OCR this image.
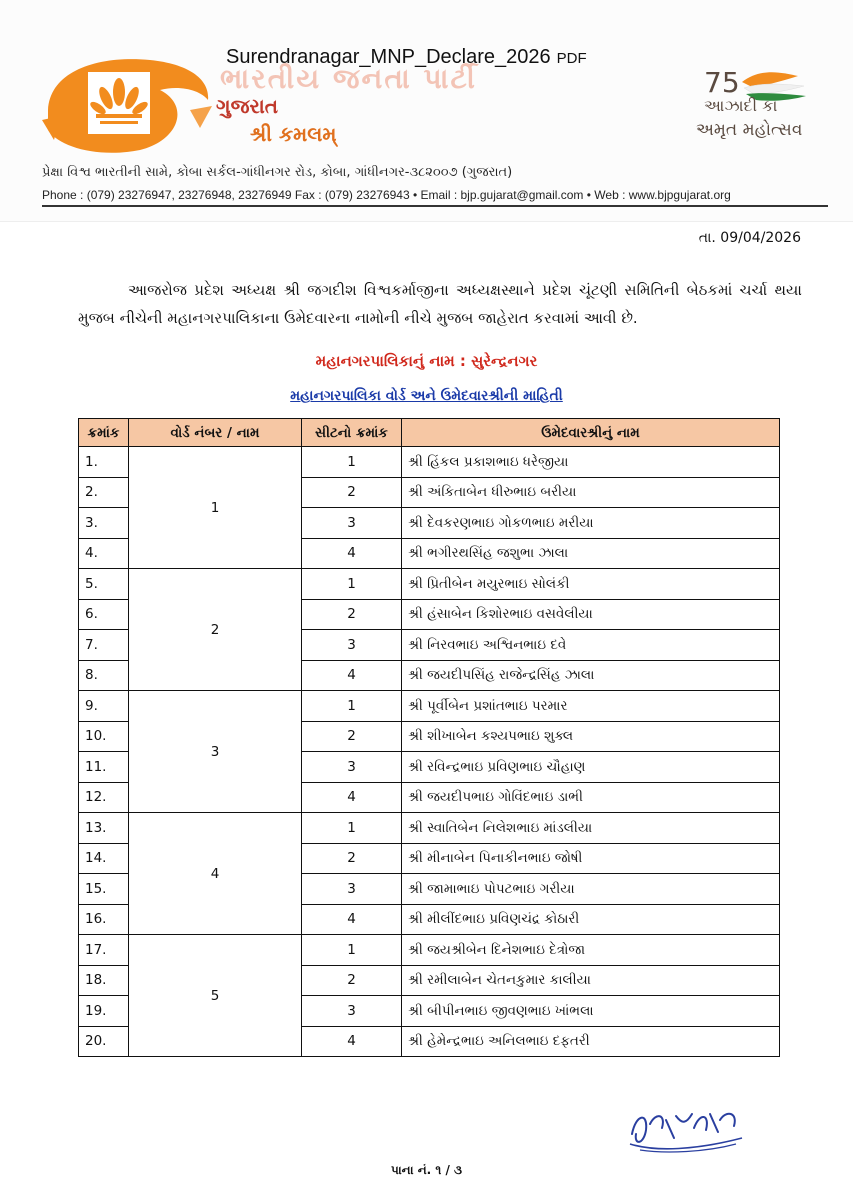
Surendranagar_MNP_Declare_2026 PDF
ભારતીય જનતા પાર્ટી
ગુજરાત
શ્રી કમલમ્
75
આઝાદી કા
અમૃત મહોત્સવ
પ્રેક્ષા વિશ્વ ભારતીની સામે, કોબા સર્કલ-ગાંધીનગર રોડ, કોબા, ગાંધીનગર-૩૮૨૦૦૭ (ગુજરાત)
Phone : (079) 23276947, 23276948, 23276949 Fax : (079) 23276943 • Email : bjp.gujarat@gmail.com • Web : www.bjpgujarat.org
તા. 09/04/2026
આજરોજ પ્રદેશ અધ્યક્ષ શ્રી જગદીશ વિશ્વકર્માજીના અધ્યક્ષસ્થાને પ્રદેશ ચૂંટણી સમિતિની બેઠકમાં ચર્ચા થયા મુજબ નીચેની મહાનગરપાલિકાના ઉમેદવારના નામોની નીચે મુજબ જાહેરાત કરવામાં આવી છે.
મહાનગરપાલિકાનું નામ : સુરેન્દ્રનગર
મહાનગરપાલિકા વોર્ડ અને ઉમેદવારશ્રીની માહિતી
ક્રમાંક	વોર્ડ નંબર / નામ	સીટનો ક્રમાંક	ઉમેદવારશ્રીનું નામ
1.	1	1	શ્રી હિંકલ પ્રકાશભાઇ ધરેજીયા
2.		2	શ્રી અંકિતાબેન ધીરુભાઇ બરીયા
3.		3	શ્રી દેવકરણભાઇ ગોકળભાઇ મરીયા
4.		4	શ્રી ભગીરથસિંહ જશુભા ઝાલા
5.	2	1	શ્રી પ્રિતીબેન મયુરભાઇ સોલંકી
6.		2	શ્રી હંસાબેન કિશોરભાઇ વસવેલીયા
7.		3	શ્રી નિરવભાઇ અશ્વિનભાઇ દવે
8.		4	શ્રી જયદીપસિંહ રાજેન્દ્રસિંહ ઝાલા
9.	3	1	શ્રી પૂર્વીબેન પ્રશાંતભાઇ પરમાર
10.		2	શ્રી શીખાબેન કશ્યપભાઇ શુક્લ
11.		3	શ્રી રવિન્દ્રભાઇ પ્રવિણભાઇ ચૌહાણ
12.		4	શ્રી જયદીપભાઇ ગોવિંદભાઇ ડાભી
13.	4	1	શ્રી સ્વાતિબેન નિલેશભાઇ માંડલીયા
14.		2	શ્રી મીનાબેન પિનાકીનભાઇ જોષી
15.		3	શ્રી જામાભાઇ પોપટભાઇ ગરીયા
16.		4	શ્રી મીલીંદભાઇ પ્રવિણચંદ્ર કોઠારી
17.	5	1	શ્રી જયશ્રીબેન દિનેશભાઇ દેત્રોજા
18.		2	શ્રી રમીલાબેન ચેતનકુમાર કાલીયા
19.		3	શ્રી બીપીનભાઇ જીવણભાઇ ખાંભલા
20.		4	શ્રી હેમેન્દ્રભાઇ અનિલભાઇ દફતરી
પાના નં. ૧ / ૩
